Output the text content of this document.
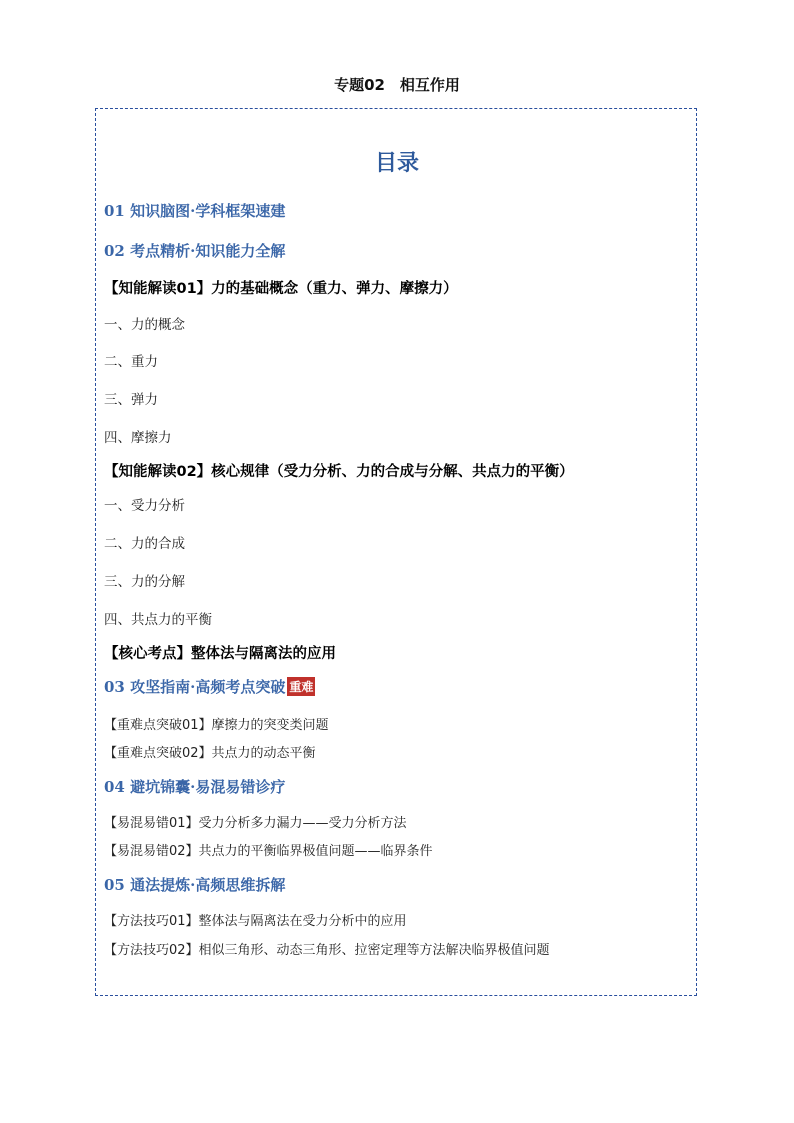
专题02　相互作用
目录
01 知识脑图·学科框架速建
02 考点精析·知识能力全解
【知能解读01】力的基础概念（重力、弹力、摩擦力）
一、力的概念
二、重力
三、弹力
四、摩擦力
【知能解读02】核心规律（受力分析、力的合成与分解、共点力的平衡）
一、受力分析
二、力的合成
三、力的分解
四、共点力的平衡
【核心考点】整体法与隔离法的应用
03 攻坚指南·高频考点突破 重难
【重难点突破01】摩擦力的突变类问题
【重难点突破02】共点力的动态平衡
04 避坑锦囊·易混易错诊疗
【易混易错01】受力分析多力漏力——受力分析方法
【易混易错02】共点力的平衡临界极值问题——临界条件
05 通法提炼·高频思维拆解
【方法技巧01】整体法与隔离法在受力分析中的应用
【方法技巧02】相似三角形、动态三角形、拉密定理等方法解决临界极值问题
